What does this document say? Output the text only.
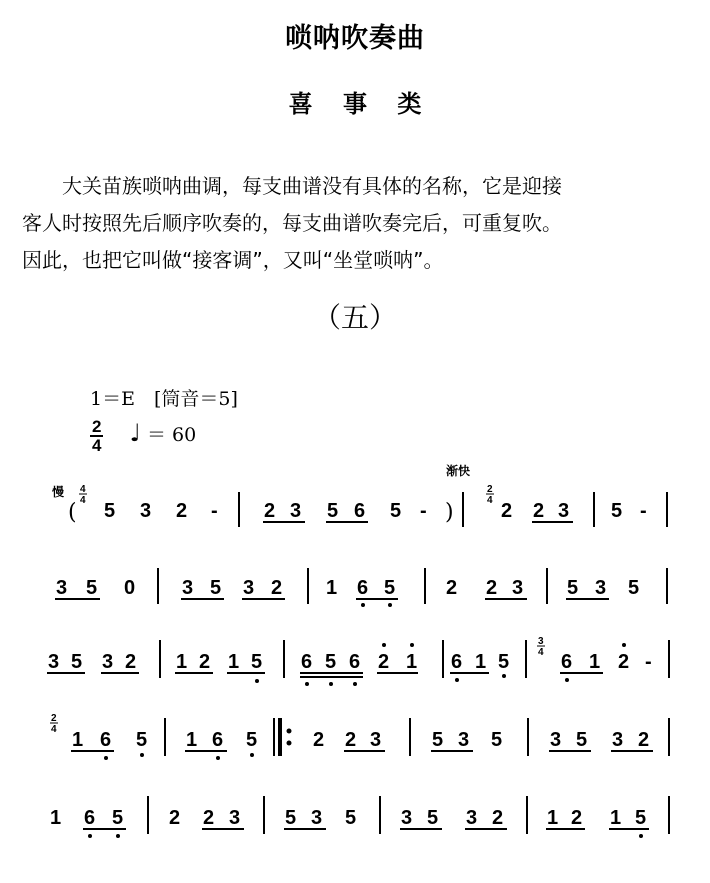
唢呐吹奏曲
喜 事 类

大关苗族唢呐曲调，每支曲谱没有具体的名称，它是迎接

客人时按照先后顺序吹奏的，每支曲谱吹奏完后，可重复吹。

因此，也把它叫做“接客调”，又叫“坐堂唢呐”。

（五）
1＝E　[筒音＝5]
$\frac{2}{4}$ ♩ ＝ 60
慢
渐快
4
4
( 5 3 2 - 2 3 5 6 5 - )
2
4 2 2 3 5 -
3 5 0 3 5 3 2 1 6 5	2 2 3 5 3 5
3 5 3 2 1 2 1 5 6 5 6 2 1 6 1 5
3
4 6 1 2 -
2
4 1 6 5 1 6 5	2 2 3	5 3 5 3 5 3 2
1 6 5 2 2 3 5 3 5 3 5 3 2 1 2 1 5
